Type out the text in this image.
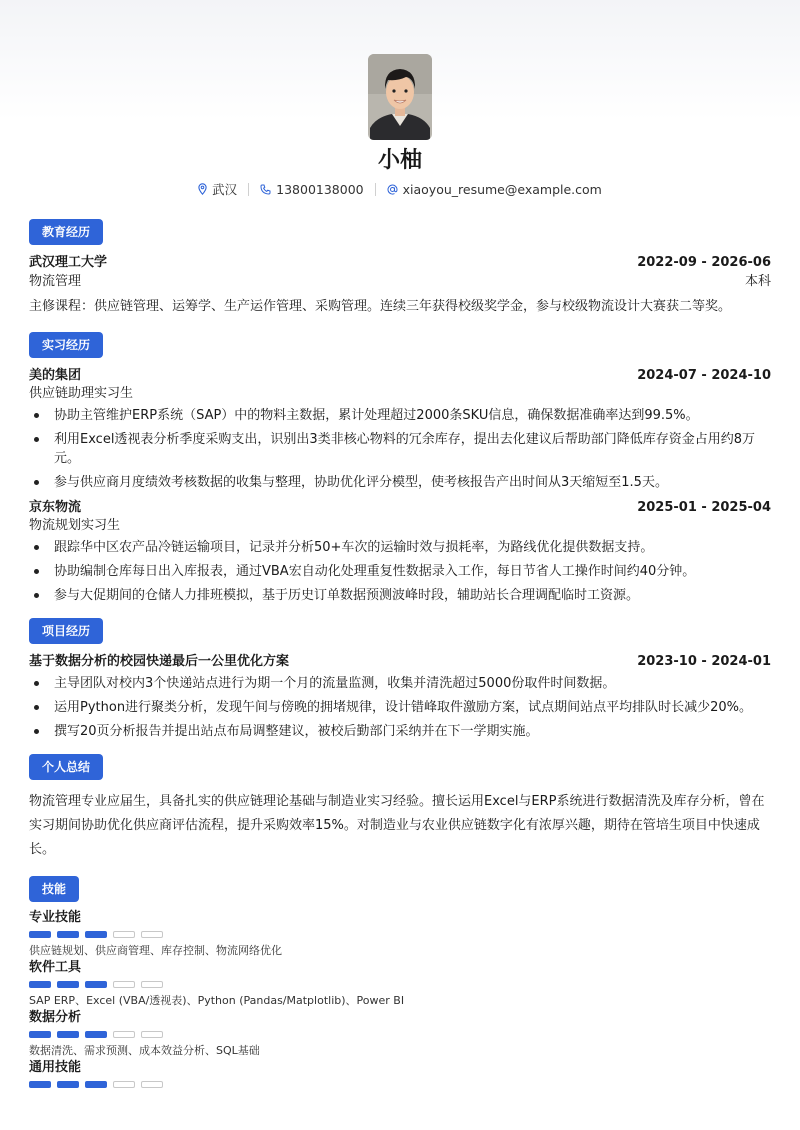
小柚
武汉	13800138000	xiaoyou_resume@example.com
教育经历
武汉理工大学	2022-09 - 2026-06
物流管理	本科
主修课程：供应链管理、运筹学、生产运作管理、采购管理。连续三年获得校级奖学金，参与校级物流设计大赛获二等奖。
实习经历
美的集团	2024-07 - 2024-10
供应链助理实习生
协助主管维护ERP系统（SAP）中的物料主数据，累计处理超过2000条SKU信息，确保数据准确率达到99.5%。
利用Excel透视表分析季度采购支出，识别出3类非核心物料的冗余库存，提出去化建议后帮助部门降低库存资金占用约8万元。
参与供应商月度绩效考核数据的收集与整理，协助优化评分模型，使考核报告产出时间从3天缩短至1.5天。
京东物流	2025-01 - 2025-04
物流规划实习生
跟踪华中区农产品冷链运输项目，记录并分析50+车次的运输时效与损耗率，为路线优化提供数据支持。
协助编制仓库每日出入库报表，通过VBA宏自动化处理重复性数据录入工作，每日节省人工操作时间约40分钟。
参与大促期间的仓储人力排班模拟，基于历史订单数据预测波峰时段，辅助站长合理调配临时工资源。
项目经历
基于数据分析的校园快递最后一公里优化方案	2023-10 - 2024-01
主导团队对校内3个快递站点进行为期一个月的流量监测，收集并清洗超过5000份取件时间数据。
运用Python进行聚类分析，发现午间与傍晚的拥堵规律，设计错峰取件激励方案，试点期间站点平均排队时长减少20%。
撰写20页分析报告并提出站点布局调整建议，被校后勤部门采纳并在下一学期实施。
个人总结
物流管理专业应届生，具备扎实的供应链理论基础与制造业实习经验。擅长运用Excel与ERP系统进行数据清洗及库存分析，曾在实习期间协助优化供应商评估流程，提升采购效率15%。对制造业与农业供应链数字化有浓厚兴趣，期待在管培生项目中快速成长。
技能
专业技能
供应链规划、供应商管理、库存控制、物流网络优化
软件工具
SAP ERP、Excel (VBA/透视表)、Python (Pandas/Matplotlib)、Power BI
数据分析
数据清洗、需求预测、成本效益分析、SQL基础
通用技能
